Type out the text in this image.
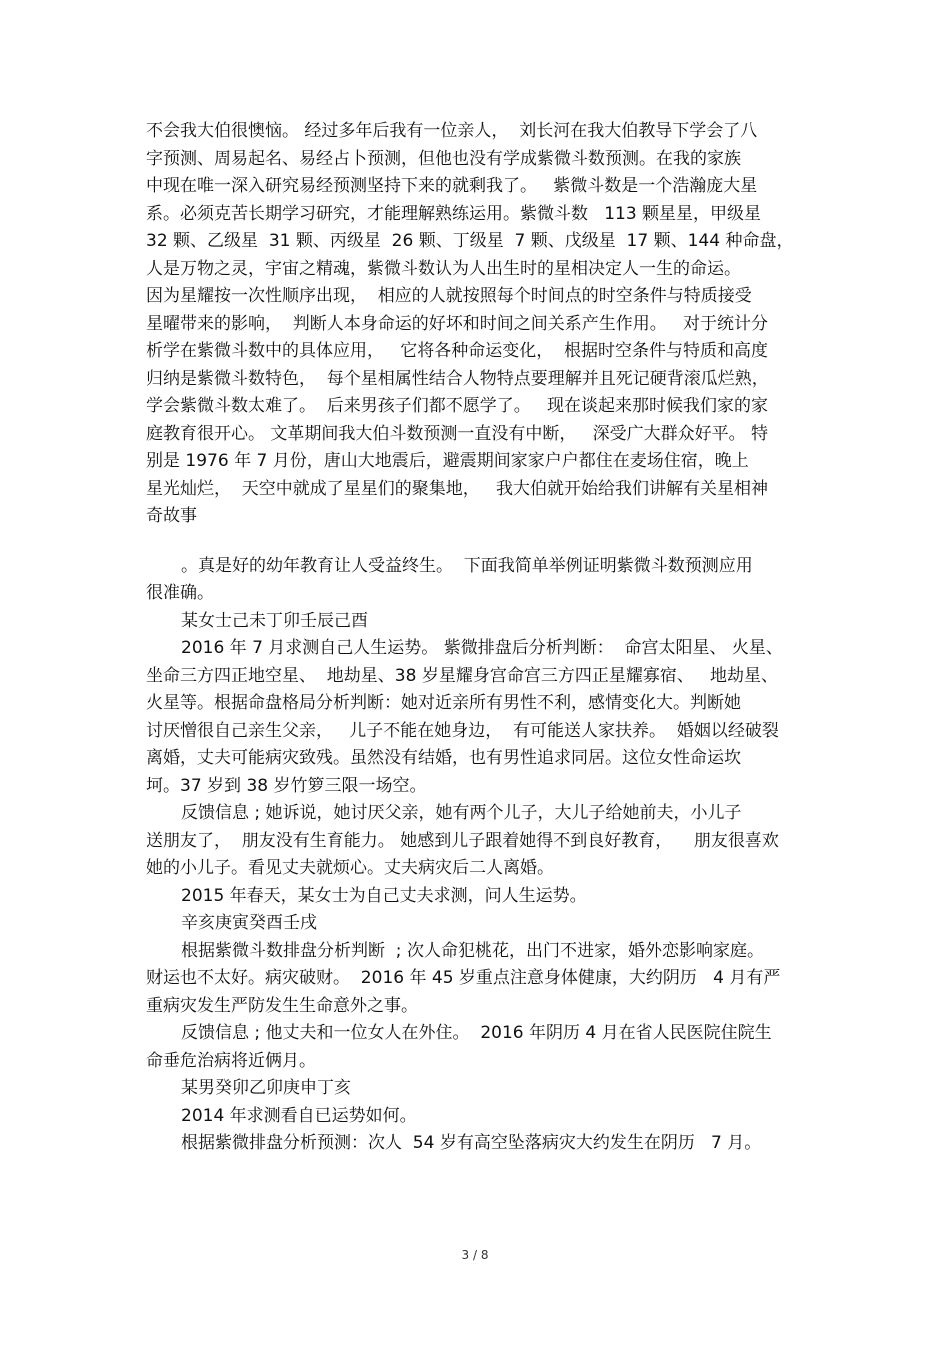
不会我大伯很懊恼。 经过多年后我有一位亲人，  刘长河在我大伯教导下学会了八
字预测、周易起名、易经占卜预测，但他也没有学成紫微斗数预测。在我的家族
中现在唯一深入研究易经预测坚持下来的就剩我了。   紫微斗数是一个浩瀚庞大星
系。必须克苦长期学习研究，才能理解熟练运用。紫微斗数   113 颗星星，甲级星
32 颗、乙级星  31 颗、丙级星  26 颗、丁级星  7 颗、戊级星  17 颗、144 种命盘，
人是万物之灵，宇宙之精魂，紫微斗数认为人出生时的星相决定人一生的命运。
因为星耀按一次性顺序出现，  相应的人就按照每个时间点的时空条件与特质接受
星曜带来的影响，  判断人本身命运的好坏和时间之间关系产生作用。   对于统计分
析学在紫微斗数中的具体应用，   它将各种命运变化，  根据时空条件与特质和高度
归纳是紫微斗数特色，  每个星相属性结合人物特点要理解并且死记硬背滚瓜烂熟，
学会紫微斗数太难了。  后来男孩子们都不愿学了。   现在谈起来那时候我们家的家
庭教育很开心。 文革期间我大伯斗数预测一直没有中断，   深受广大群众好平。 特
别是 1976 年 7 月份，唐山大地震后，避震期间家家户户都住在麦场住宿，晚上
星光灿烂，  天空中就成了星星们的聚集地，   我大伯就开始给我们讲解有关星相神
奇故事
。真是好的幼年教育让人受益终生。  下面我简单举例证明紫微斗数预测应用
很准确。
某女士己未丁卯壬辰己酉
2016 年 7 月求测自己人生运势。 紫微排盘后分析判断：  命宫太阳星、 火星、
坐命三方四正地空星、  地劫星、38 岁星耀身宫命宫三方四正星耀寡宿、   地劫星、
火星等。根据命盘格局分析判断：她对近亲所有男性不利，感情变化大。判断她
讨厌憎很自己亲生父亲，   儿子不能在她身边，  有可能送人家扶养。  婚姻以经破裂
离婚，丈夫可能病灾致残。虽然没有结婚，也有男性追求同居。这位女性命运坎
坷。37 岁到 38 岁竹箩三限一场空。
反馈信息 ; 她诉说，她讨厌父亲，她有两个儿子，大儿子给她前夫，小儿子
送朋友了，  朋友没有生育能力。 她感到儿子跟着她得不到良好教育，    朋友很喜欢
她的小儿子。看见丈夫就烦心。丈夫病灾后二人离婚。
2015 年春天，某女士为自己丈夫求测，问人生运势。
辛亥庚寅癸酉壬戌
根据紫微斗数排盘分析判断  ; 次人命犯桃花，出门不进家，婚外恋影响家庭。
财运也不太好。病灾破财。  2016 年 45 岁重点注意身体健康，大约阴历   4 月有严
重病灾发生严防发生生命意外之事。
反馈信息 ; 他丈夫和一位女人在外住。  2016 年阴历 4 月在省人民医院住院生
命垂危治病将近俩月。
某男癸卯乙卯庚申丁亥
2014 年求测看自已运势如何。
根据紫微排盘分析预测：次人  54 岁有高空坠落病灾大约发生在阴历   7 月。
3 / 8
